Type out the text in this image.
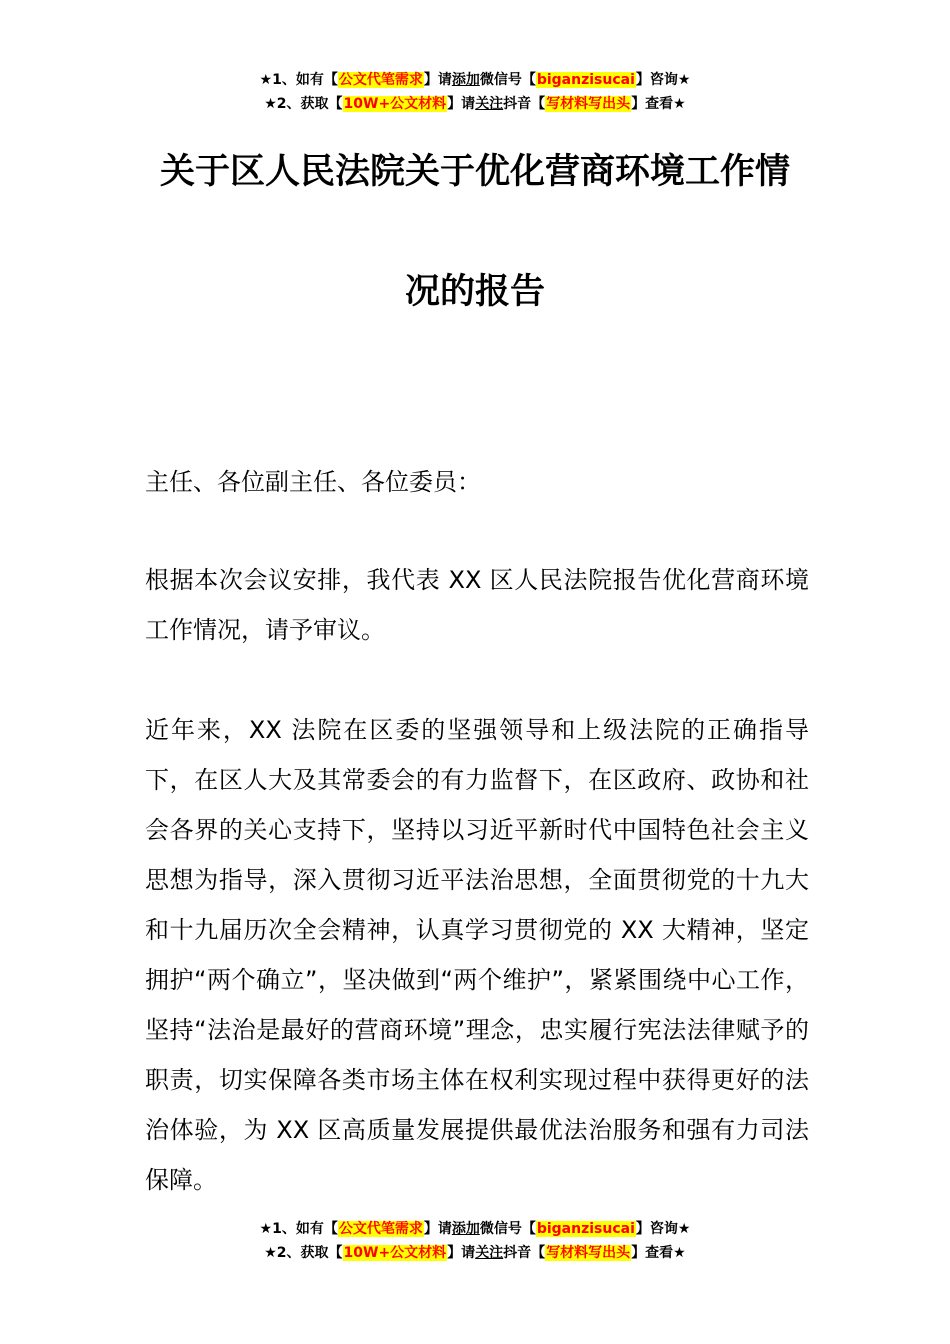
★1、如有【公文代笔需求】请添加微信号【biganzisucai】咨询★
★2、获取【10W+公文材料】请关注抖音【写材料写出头】查看★
关于区人民法院关于优化营商环境工作情
况的报告
主任、各位副主任、各位委员：
根据本次会议安排，我代表 XX 区人民法院报告优化营商环境工作情况，请予审议。
近年来，XX 法院在区委的坚强领导和上级法院的正确指导下，在区人大及其常委会的有力监督下，在区政府、政协和社会各界的关心支持下，坚持以习近平新时代中国特色社会主义思想为指导，深入贯彻习近平法治思想，全面贯彻党的十九大和十九届历次全会精神，认真学习贯彻党的 XX 大精神，坚定拥护“两个确立”，坚决做到“两个维护”，紧紧围绕中心工作，坚持“法治是最好的营商环境”理念，忠实履行宪法法律赋予的职责，切实保障各类市场主体在权利实现过程中获得更好的法治体验，为 XX 区高质量发展提供最优法治服务和强有力司法保障。
★1、如有【公文代笔需求】请添加微信号【biganzisucai】咨询★
★2、获取【10W+公文材料】请关注抖音【写材料写出头】查看★
